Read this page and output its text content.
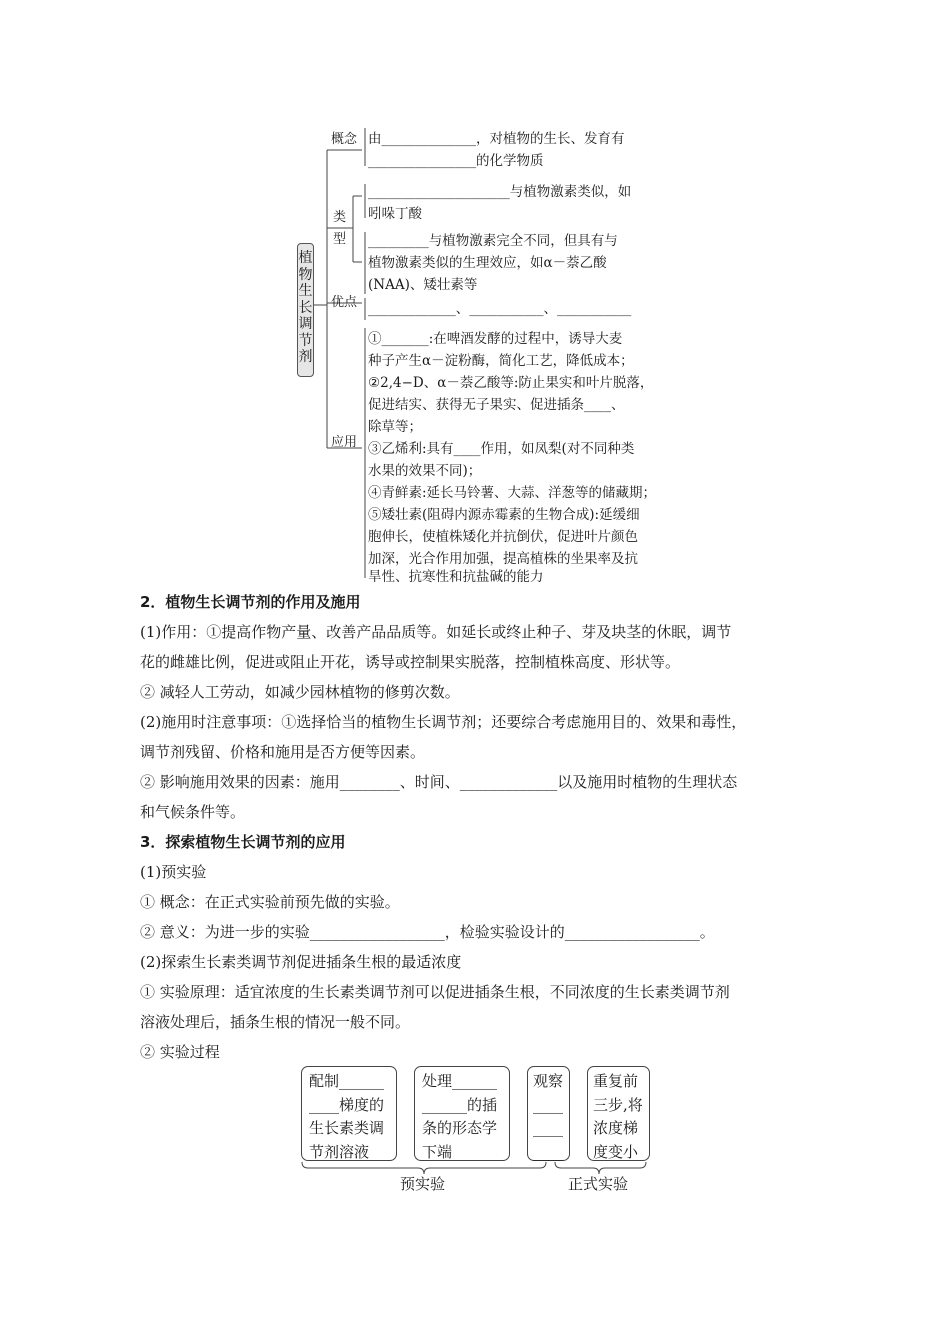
植物生长调节剂
概念
类
型
优点
应用
由______________，对植物的生长、发育有
________________的化学物质
_____________________与植物激素类似，如
吲哚丁酸
_________与植物激素完全不同，但具有与
植物激素类似的生理效应，如α－萘乙酸
(NAA)、矮壮素等
_____________、___________、___________
①_______:在啤酒发酵的过程中，诱导大麦
种子产生α－淀粉酶，简化工艺，降低成本；
②2,4−D、α－萘乙酸等:防止果实和叶片脱落，
促进结实、获得无子果实、促进插条____、
除草等；
③乙烯利:具有____作用，如凤梨(对不同种类
水果的效果不同)；
④青鲜素:延长马铃薯、大蒜、洋葱等的储藏期；
⑤矮壮素(阻碍内源赤霉素的生物合成):延缓细
胞伸长，使植株矮化并抗倒伏，促进叶片颜色
加深，光合作用加强，提高植株的坐果率及抗
旱性、抗寒性和抗盐碱的能力
2．植物生长调节剂的作用及施用
(1)作用：①提高作物产量、改善产品品质等。如延长或终止种子、芽及块茎的休眠，调节
花的雌雄比例，促进或阻止开花，诱导或控制果实脱落，控制植株高度、形状等。
② 减轻人工劳动，如减少园林植物的修剪次数。
(2)施用时注意事项：①选择恰当的植物生长调节剂；还要综合考虑施用目的、效果和毒性，
调节剂残留、价格和施用是否方便等因素。
② 影响施用效果的因素：施用________、时间、_____________以及施用时植物的生理状态
和气候条件等。
3．探索植物生长调节剂的应用
(1)预实验
① 概念：在正式实验前预先做的实验。
② 意义：为进一步的实验__________________，检验实验设计的__________________。
(2)探索生长素类调节剂促进插条生根的最适浓度
① 实验原理：适宜浓度的生长素类调节剂可以促进插条生根，不同浓度的生长素类调节剂
溶液处理后，插条生根的情况一般不同。
② 实验过程
配制______
____梯度的
生长素类调
节剂溶液
处理______
______的插
条的形态学
下端
观察
____
____
____
重复前
三步,将
浓度梯
度变小
预实验	正式实验
